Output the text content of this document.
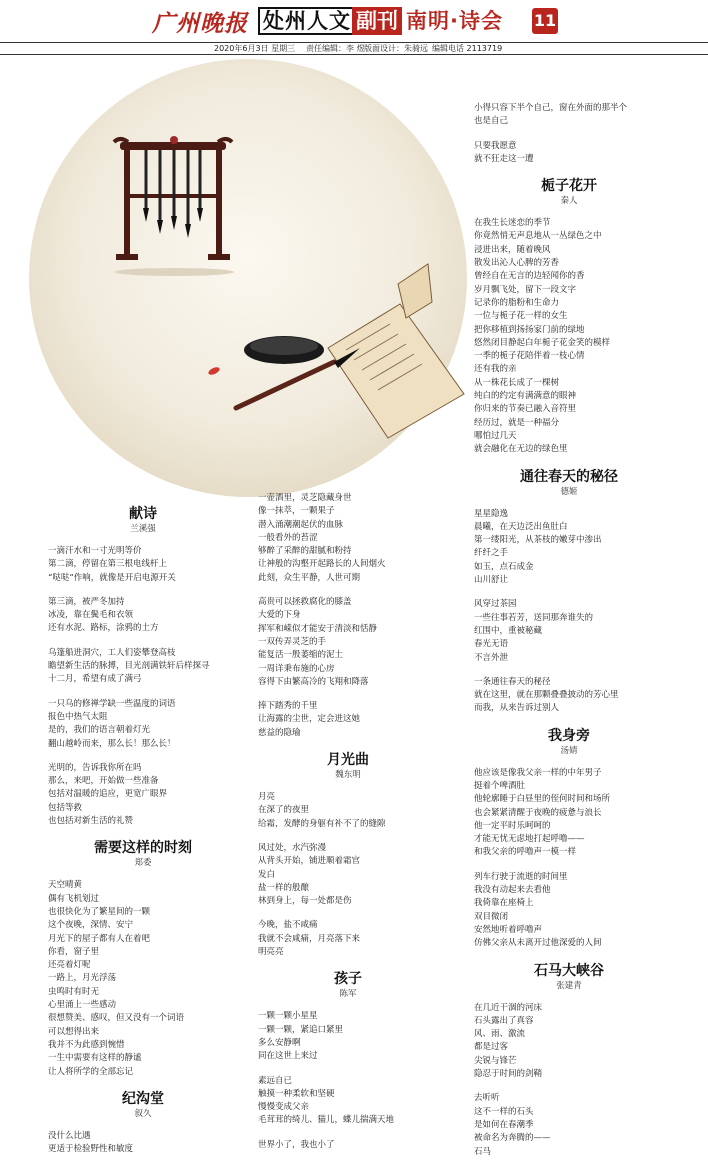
广州晚报 处州人文 副刊 南明·诗会 11
2020年6月3日 星期三 责任编辑：李 煜 版面设计：朱骑远 编辑电话 2113719
献诗
兰溪强
一滴汗水和一寸光明等价
第二滴，停留在第三根电线杆上
“哒哒”作响，就像是开启电源开关
第三滴，被严冬加持
冰凌，靠在鬓毛和衣领
还有水泥、路标，涂鸦的土方
乌篷船进洞穴，工人们姿攀登高枝
瞻望新生活的脉搏，目光剖满铁轩后样探寻
十二月，希望有成了满弓
一只乌的修禅学缺一些温度的词语
报色中热气太阻
是的，我们的语言朝着灯光
翻山越岭而来，那么长！那么长！
光明的，告诉我你所在吗
那么，来吧，开始做一些准备
包括对温暖的追应，更宽广眼界
包括等救
也包括对新生活的礼赞
需要这样的时刻
郑委
天空晴黄
偶有飞机划过
也很快化为了繁星间的一颗
这个夜晚，深情、安宁
月光下的屋子都有人在着吧
你看，窗子里
还亮着灯呢
一路上，月光浮荡
虫鸣时有时无
心里涌上一些感动
很想赞美、感叹，但又没有一个词语
可以想得出来
我并不为此感到惋惜
一生中需要有这样的静谧
让人将所学的全部忘记
纪沟堂
叙久
没什么比遇
更适于检验野性和敏度
一壶酒里，灵芝隐藏身世
像一抹萃，一颗果子
潜入涌潮潮起伏的血脉
一般看外的苔涩
够醉了采醉的甜腻和粉持
让神般的沟壑开起路长的人间烟火
此刻，众生平静，人世可期
高贵可以拯救腐化的膝盖
大爱的下身
挥军和嵘似才能安于清淡和恬静
一双传弄灵芝的手
能复活一殷萎缩的泥土
一周详秉布施的心房
容得下由繁高冷的飞翔和降落
捧下踏秀的千里
让海露的尘世，定会进这她
慈益的隐瑜
月光曲
魏东明
月亮
在深了的夜里
给霜，发酵的身躯有补不了的缝隙
风过处，水汽弥漫
从背头开始，铺进顺着霜官
发白
盐一样的般酿
林到身上，每一处都是伤
今晚，盐不咸痛
我就不会咸痛，月亮落下来
明亮亮
孩子
陈军
一颗一颗小星星
一颗一颗，紧追口紧里
多么安静啊
同在这世上来过
素远自已
触摸一种柔软和坚硬
慢慢变成父亲
毛茸茸的绮儿、猫儿，蝶儿揣满天地
世界小了，我也小了
小得只容下半个自己，窗在外面的那半个
也是自己
只要我愿意
就不狂走这一遭
栀子花开
秦人
在我生长迷恋的季节
你竟然悄无声息地从一丛绿色之中
浸进出来，随着晚风
散发出沁人心脾的芳香
曾经自在无言的边轻闻你的香
岁月飘飞处，留下一段文字
记录你的脂粉和生命力
一位与栀子花一样的女生
把你移植到扬扬家门前的绿地
悠然闭目静起白年栀子花金笑的模样
一季的栀子花陪伴着一枝心情
还有我的亲
从一株花长成了一棵树
纯白的约定有满满意的眼神
你归来的节奏已融入音符里
经历过，就是一种福分
哪怕过几天
就会融化在无边的绿色里
通往春天的秘径
德姬
星星隐逸
晨曦，在天边泛出鱼肚白
第一缕阳光，从茶枝的嫩芽中渗出
纤纤之手
如玉，点石成金
山川舒让
风穿过茶园
一些往事若芳，送同那奔谁失的
红围中，重被秘藏
春光无语
不言外泄
一条通往春天的秘径
就在这里，就在那颗叠叠披动的芳心里
而我，从来告诉过别人
我身旁
汤婧
他应该是像我父亲一样的中年男子
挺着个啤酒肚
他轮廓睡于白昼里的侄何时间和场所
也会紧紧清醒于夜晚的疲惫与浪长
他一定平时乐呵呵的
才能无忧无虑地打起呼噜——
和我父亲的呼噜声一模一样
列车行驶于流逝的时间里
我没有动起来去看他
我倚靠在座椅上
双目微闭
安然地听着呼噜声
仿佛父亲从未离开过他深爱的人间
石马大峡谷
张建青
在几近干涸的河床
石头露出了真容
风、雨、激流
都是过客
尖锐与锋芒
隐忍于时间的剑鞘
去听听
这不一样的石头
是如何在春潮季
被命名为奔腾的——
石马
